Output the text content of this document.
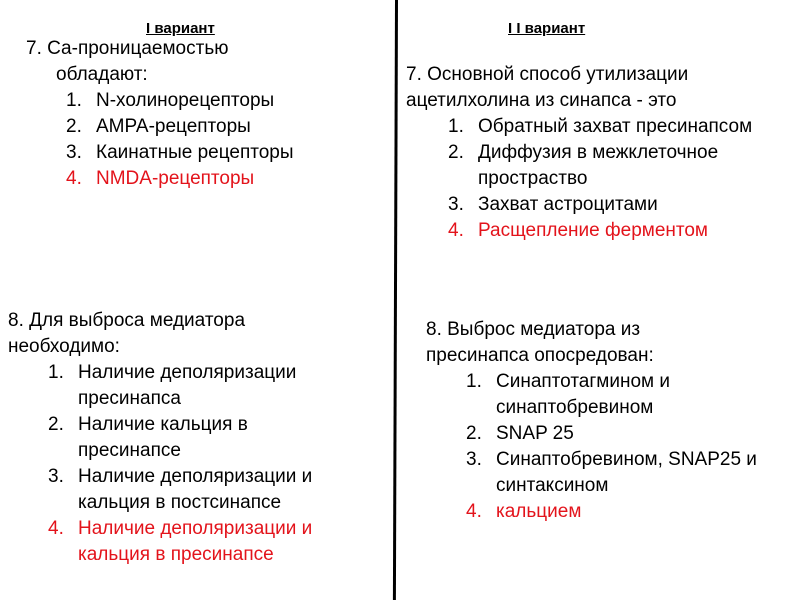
I вариант

7. Са-проницаемостью
обладают:

1. N-холинорецепторы
2. АМРА-рецепторы
3. Каинатные рецепторы
4. NMDA-рецепторы

8. Для выброса медиатора
необходимо:

1. Наличие деполяризации пресинапса
2. Наличие кальция в пресинапсе
3. Наличие деполяризации и кальция в постсинапсе
4. Наличие деполяризации и кальция в пресинапсе
I I вариант

7. Основной способ утилизации
ацетилхолина из синапса - это

1. Обратный захват пресинапсом
2. Диффузия в межклеточное простраство
3. Захват астроцитами
4. Расщепление ферментом

8. Выброс медиатора из
пресинапса опосредован:

1. Синаптотагмином и синаптобревином
2. SNAP 25
3. Синаптобревином, SNAP25 и синтаксином
4. кальцием
